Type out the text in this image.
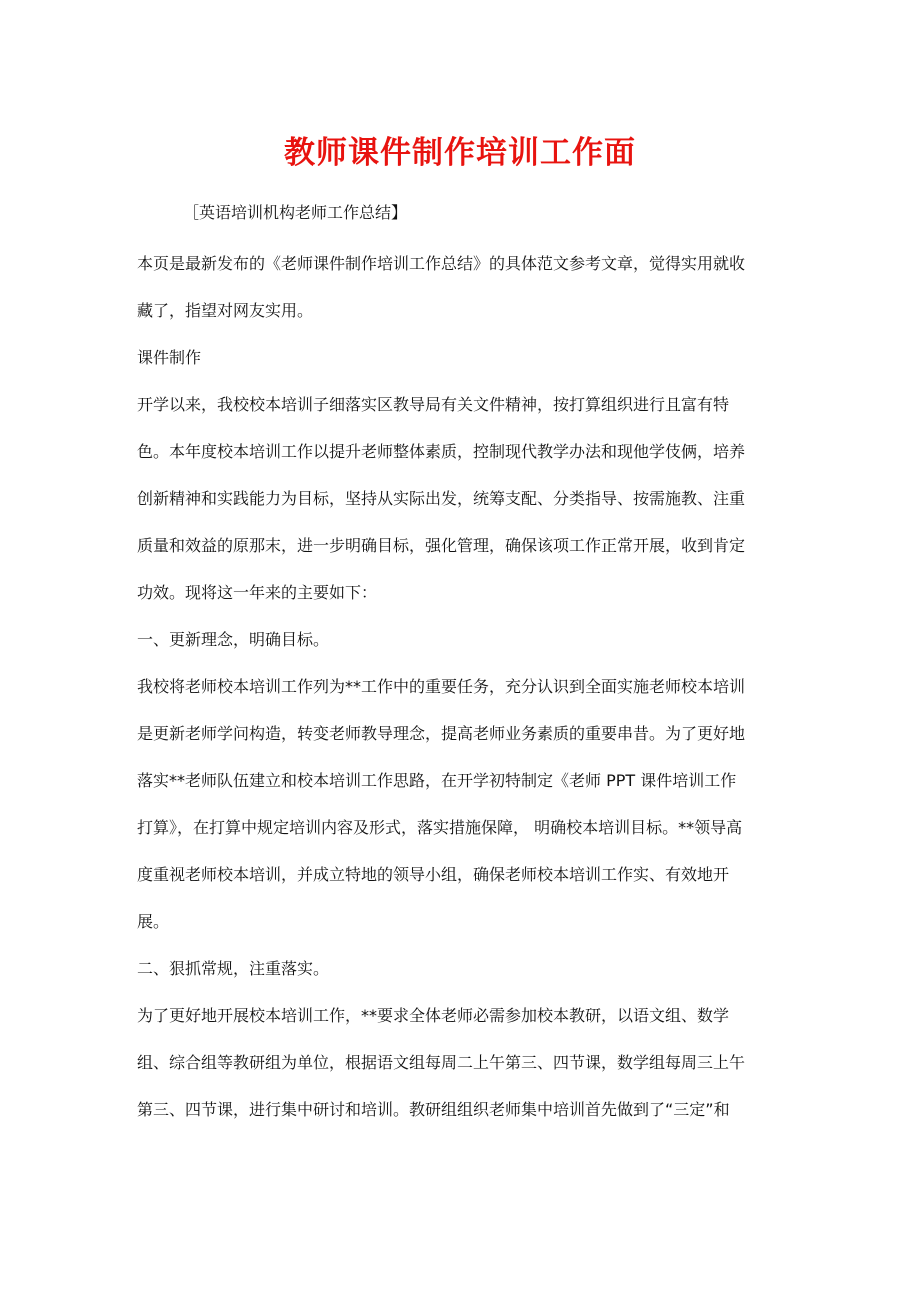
教师课件制作培训工作面
［英语培训机构老师工作总结】
本页是最新发布的《老师课件制作培训工作总结》的具体范文参考文章，觉得实用就收
藏了，指望对网友实用。
课件制作
开学以来，我校校本培训子细落实区教导局有关文件精神，按打算组织进行且富有特
色。本年度校本培训工作以提升老师整体素质，控制现代教学办法和现他学伎俩，培养
创新精神和实践能力为目标，坚持从实际出发，统筹支配、分类指导、按需施教、注重
质量和效益的原那末，进一步明确目标，强化管理，确保该项工作正常开展，收到肯定
功效。现将这一年来的主要如下：
一、更新理念，明确目标。
我校将老师校本培训工作列为**工作中的重要任务，充分认识到全面实施老师校本培训
是更新老师学问构造，转变老师教导理念，提高老师业务素质的重要串昔。为了更好地
落实**老师队伍建立和校本培训工作思路，在开学初特制定《老师 PPT 课件培训工作
打算》，在打算中规定培训内容及形式，落实措施保障， 明确校本培训目标。**领导高
度重视老师校本培训，并成立特地的领导小组，确保老师校本培训工作实、有效地开
展。
二、狠抓常规，注重落实。
为了更好地开展校本培训工作，**要求全体老师必需参加校本教研，以语文组、数学
组、综合组等教研组为单位，根据语文组每周二上午第三、四节课，数学组每周三上午
第三、四节课，进行集中研讨和培训。教研组组织老师集中培训首先做到了“三定”和
